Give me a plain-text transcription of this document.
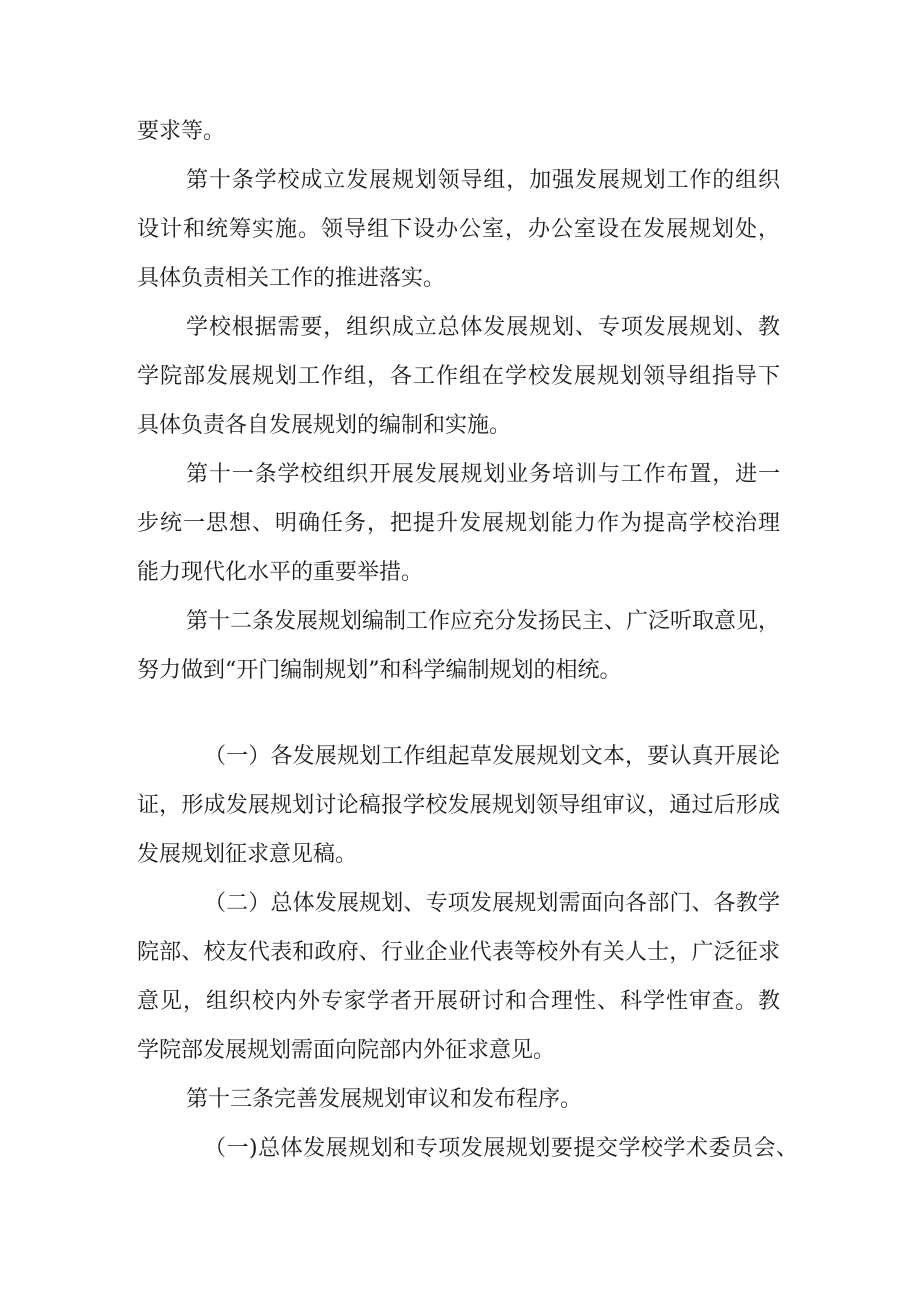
要求等。
第十条学校成立发展规划领导组，加强发展规划工作的组织
设计和统筹实施。领导组下设办公室，办公室设在发展规划处，
具体负责相关工作的推进落实。
学校根据需要，组织成立总体发展规划、专项发展规划、教
学院部发展规划工作组，各工作组在学校发展规划领导组指导下
具体负责各自发展规划的编制和实施。
第十一条学校组织开展发展规划业务培训与工作布置，进一
步统一思想、明确任务，把提升发展规划能力作为提高学校治理
能力现代化水平的重要举措。
第十二条发展规划编制工作应充分发扬民主、广泛听取意见，
努力做到“开门编制规划”和科学编制规划的相统。
（一）各发展规划工作组起草发展规划文本，要认真开展论
证，形成发展规划讨论稿报学校发展规划领导组审议，通过后形成
发展规划征求意见稿。
（二）总体发展规划、专项发展规划需面向各部门、各教学
院部、校友代表和政府、行业企业代表等校外有关人士，广泛征求
意见，组织校内外专家学者开展研讨和合理性、科学性审查。教
学院部发展规划需面向院部内外征求意见。
第十三条完善发展规划审议和发布程序。
（一)总体发展规划和专项发展规划要提交学校学术委员会、
